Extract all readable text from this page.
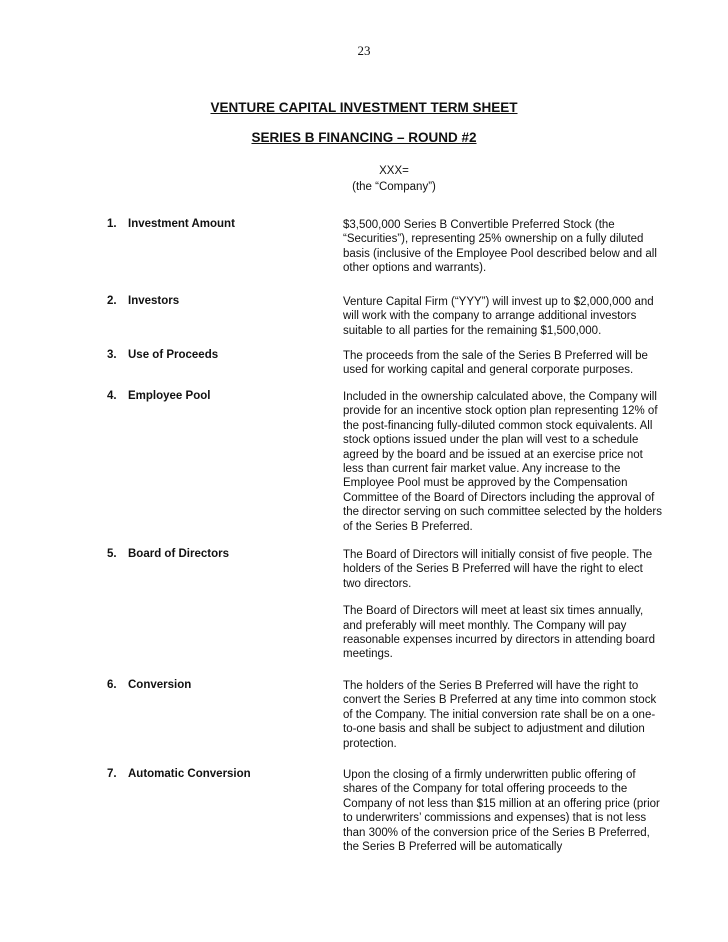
23
VENTURE CAPITAL INVESTMENT TERM SHEET
SERIES B FINANCING – ROUND #2
XXX=
(the “Company”)
1. Investment Amount	$3,500,000 Series B Convertible Preferred Stock (the “Securities”), representing 25% ownership on a fully diluted basis (inclusive of the Employee Pool described below and all other options and warrants).

2. Investors	Venture Capital Firm (“YYY”) will invest up to $2,000,000 and will work with the company to arrange additional investors suitable to all parties for the remaining $1,500,000.

3. Use of Proceeds	The proceeds from the sale of the Series B Preferred will be used for working capital and general corporate purposes.

4. Employee Pool	Included in the ownership calculated above, the Company will provide for an incentive stock option plan representing 12% of the post-financing fully-diluted common stock equivalents. All stock options issued under the plan will vest to a schedule agreed by the board and be issued at an exercise price not less than current fair market value. Any increase to the Employee Pool must be approved by the Compensation Committee of the Board of Directors including the approval of the director serving on such committee selected by the holders of the Series B Preferred.

5. Board of Directors	The Board of Directors will initially consist of five people. The holders of the Series B Preferred will have the right to elect two directors.

The Board of Directors will meet at least six times annually, and preferably will meet monthly. The Company will pay reasonable expenses incurred by directors in attending board meetings.

6. Conversion	The holders of the Series B Preferred will have the right to convert the Series B Preferred at any time into common stock of the Company. The initial conversion rate shall be on a one-to-one basis and shall be subject to adjustment and dilution protection.

7. Automatic Conversion	Upon the closing of a firmly underwritten public offering of shares of the Company for total offering proceeds to the Company of not less than $15 million at an offering price (prior to underwriters’ commissions and expenses) that is not less than 300% of the conversion price of the Series B Preferred, the Series B Preferred will be automatically
